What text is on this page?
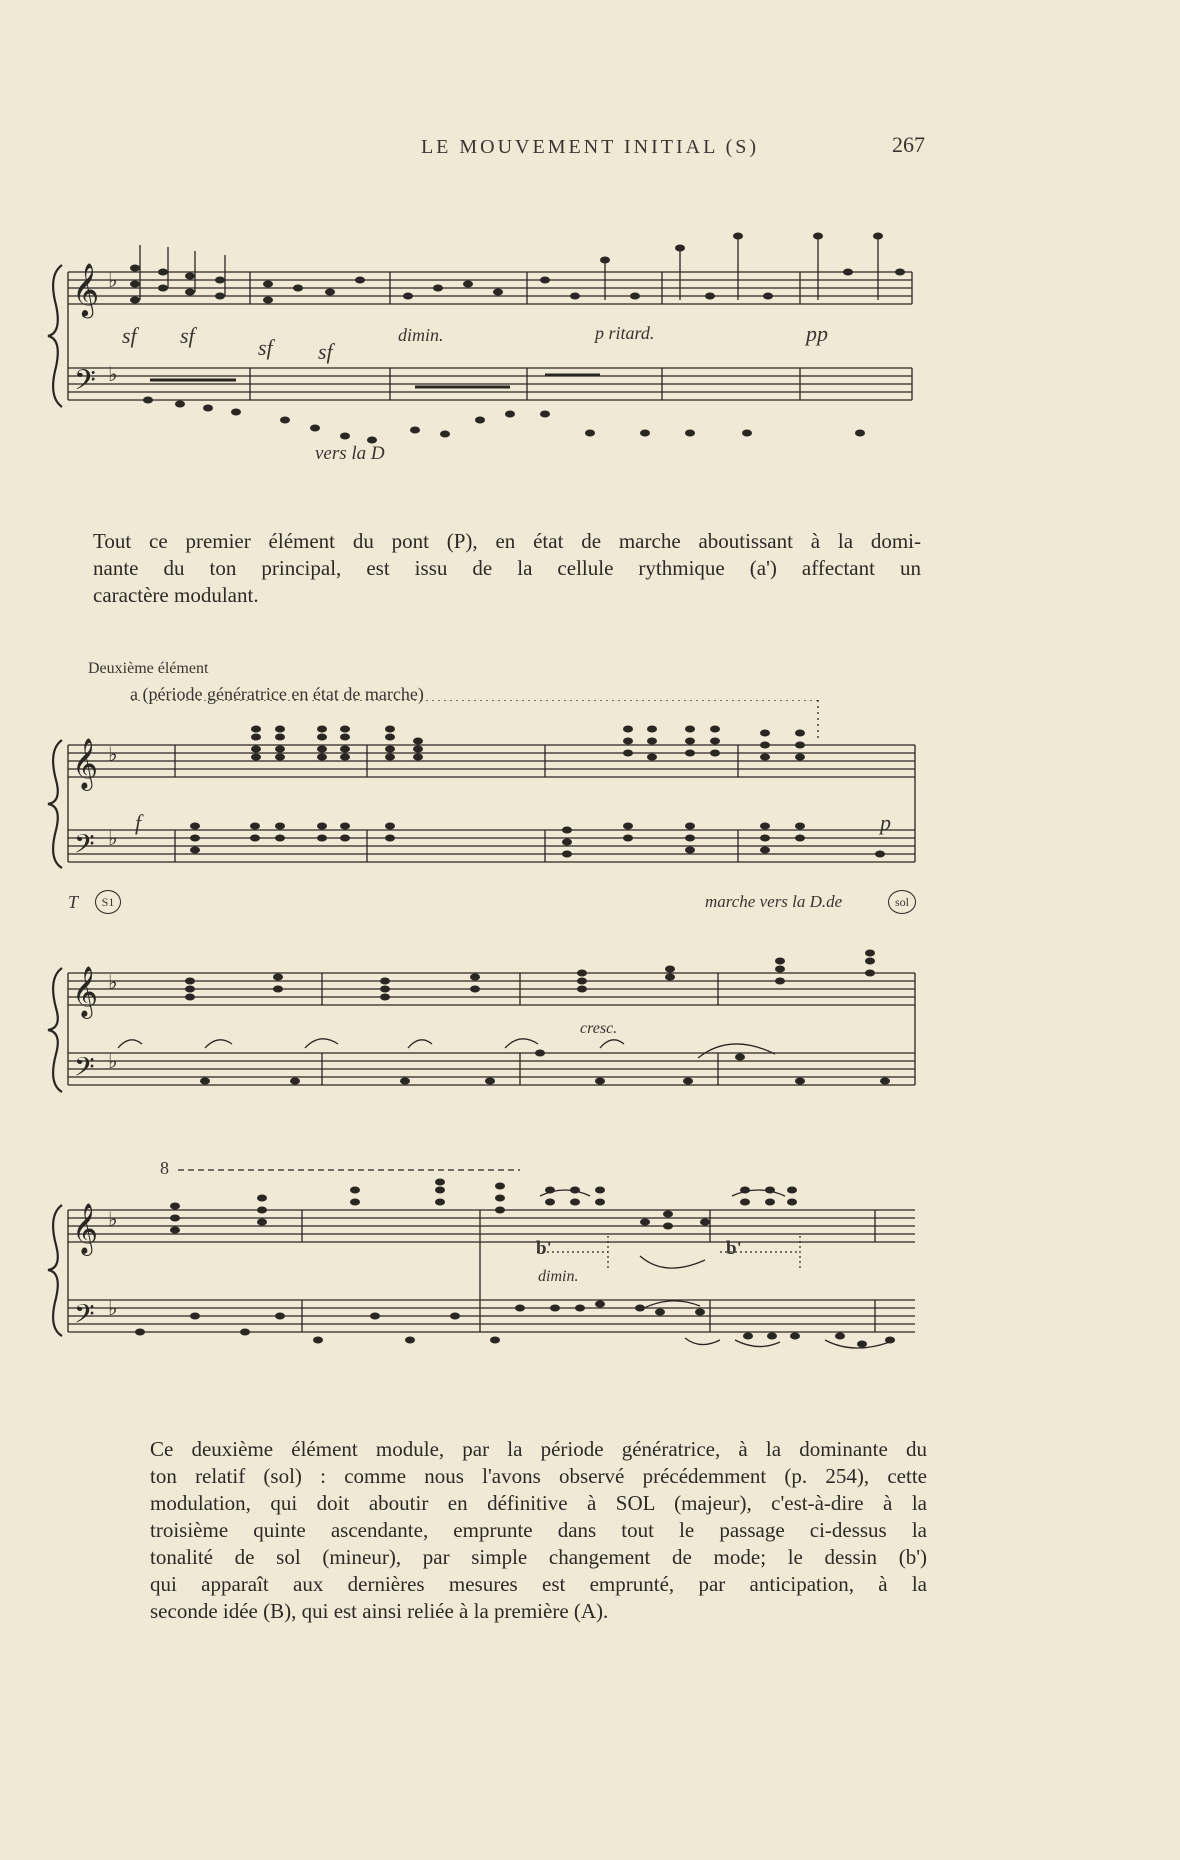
LE MOUVEMENT INITIAL (S)	267
𝄞
𝄢
♭
♭
sf sf	sf sf
dimin.	p ritard.	pp
vers la D
Tout ce premier élément du pont (P), en état de marche aboutissant à la domi-
nante du ton principal, est issu de la cellule rythmique (a') affectant un
caractère modulant.
Deuxième élément
a (période génératrice en état de marche)
𝄞
𝄢
♭
♭
f	p
T	S1	marche vers la D.de	sol
𝄞
𝄢
♭
♭
cresc.
𝄞
𝄢
♭
♭
8
b'	b'
dimin.
Ce deuxième élément module, par la période génératrice, à la dominante du
ton relatif (sol) : comme nous l'avons observé précédemment (p. 254), cette
modulation, qui doit aboutir en définitive à SOL (majeur), c'est-à-dire à la
troisième quinte ascendante, emprunte dans tout le passage ci-dessus la
tonalité de sol (mineur), par simple changement de mode; le dessin (b')
qui apparaît aux dernières mesures est emprunté, par anticipation, à la
seconde idée (B), qui est ainsi reliée à la première (A).
